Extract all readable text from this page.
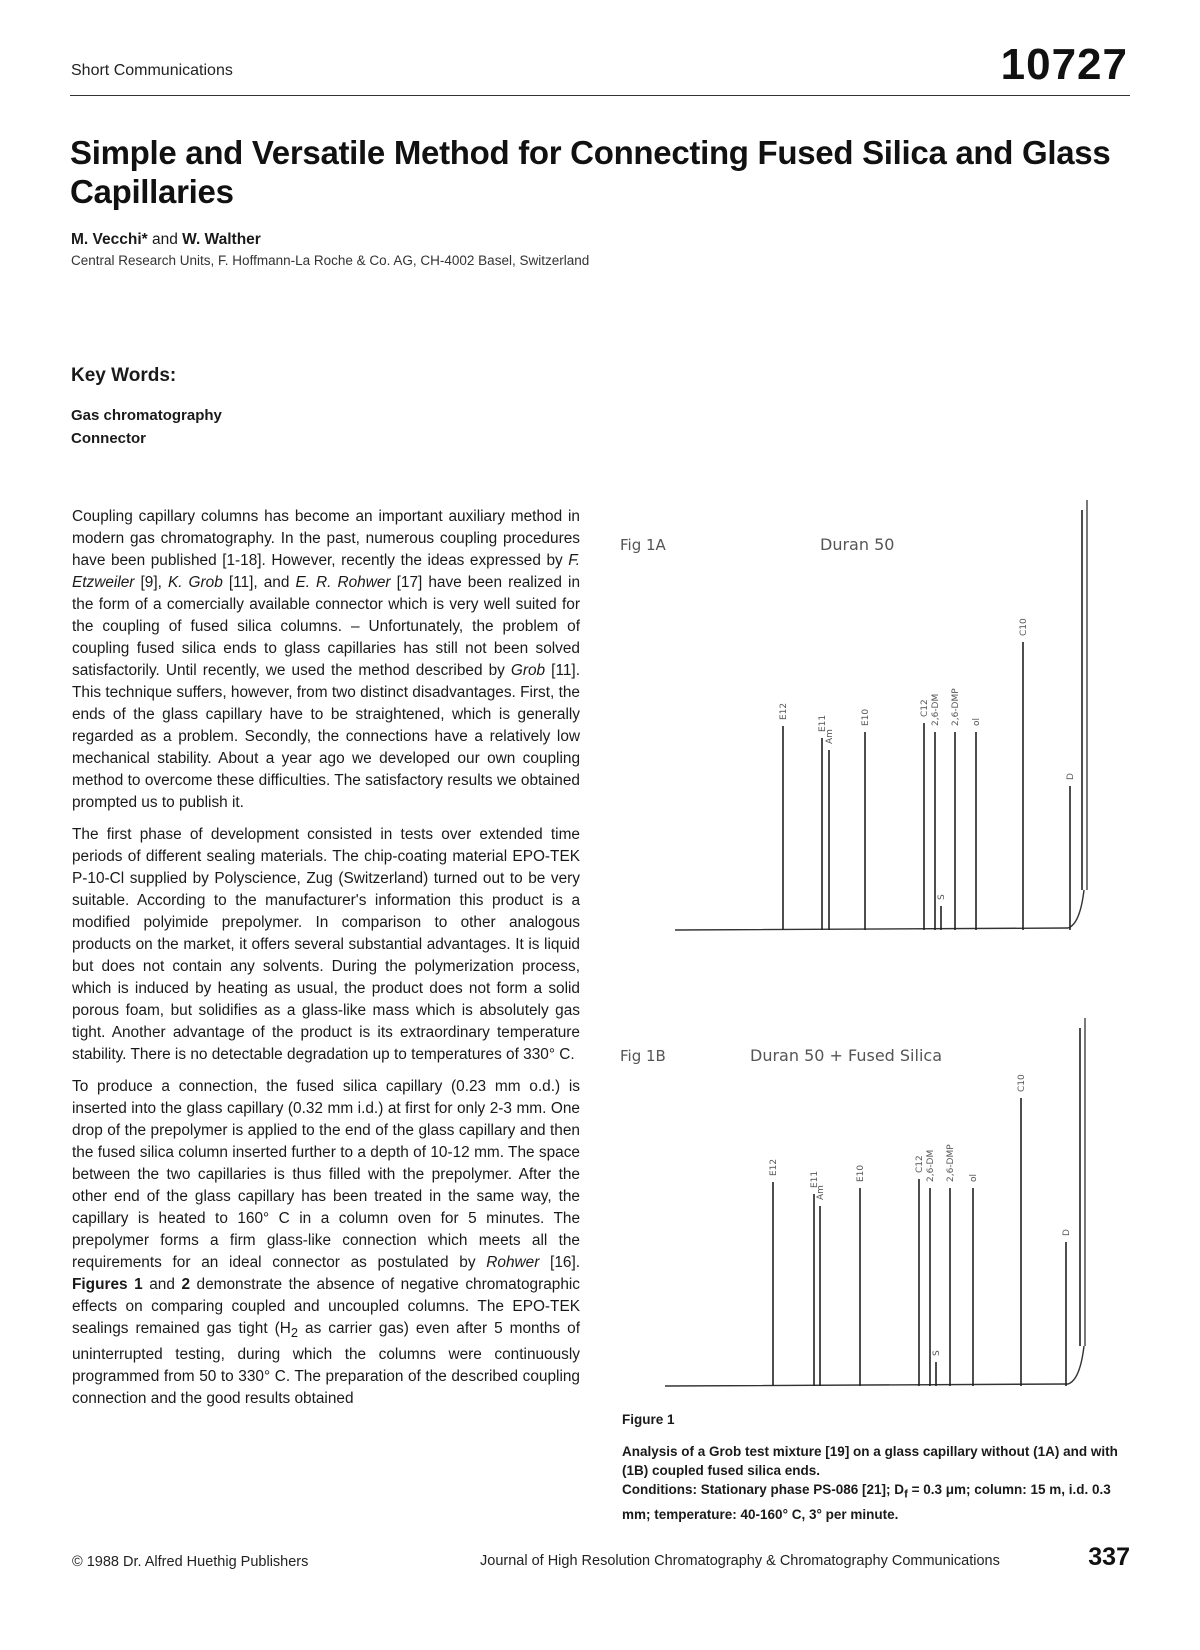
Short Communications	10727
Simple and Versatile Method for Connecting Fused Silica and Glass Capillaries
M. Vecchi* and W. Walther
Central Research Units, F. Hoffmann-La Roche & Co. AG, CH-4002 Basel, Switzerland
Key Words:
Gas chromatography
Connector

Coupling capillary columns has become an important auxiliary method in modern gas chromatography. In the past, numerous coupling procedures have been published [1-18]. However, recently the ideas expressed by F. Etzweiler [9], K. Grob [11], and E. R. Rohwer [17] have been realized in the form of a comercially available connector which is very well suited for the coupling of fused silica columns. – Unfortunately, the problem of coupling fused silica ends to glass capillaries has still not been solved satisfactorily. Until recently, we used the method described by Grob [11]. This technique suffers, however, from two distinct disadvantages. First, the ends of the glass capillary have to be straightened, which is generally regarded as a problem. Secondly, the connections have a relatively low mechanical stability. About a year ago we developed our own coupling method to overcome these difficulties. The satisfactory results we obtained prompted us to publish it.

The first phase of development consisted in tests over extended time periods of different sealing materials. The chip-coating material EPO-TEK P-10-Cl supplied by Polyscience, Zug (Switzerland) turned out to be very suitable. According to the manufacturer's information this product is a modified polyimide prepolymer. In comparison to other analogous products on the market, it offers several substantial advantages. It is liquid but does not contain any solvents. During the polymerization process, which is induced by heating as usual, the product does not form a solid porous foam, but solidifies as a glass-like mass which is absolutely gas tight. Another advantage of the product is its extraordinary temperature stability. There is no detectable degradation up to temperatures of 330° C.

To produce a connection, the fused silica capillary (0.23 mm o.d.) is inserted into the glass capillary (0.32 mm i.d.) at first for only 2-3 mm. One drop of the prepolymer is applied to the end of the glass capillary and then the fused silica column inserted further to a depth of 10-12 mm. The space between the two capillaries is thus filled with the prepolymer. After the other end of the glass capillary has been treated in the same way, the capillary is heated to 160° C in a column oven for 5 minutes. The prepolymer forms a firm glass-like connection which meets all the requirements for an ideal connector as postulated by Rohwer [16]. Figures 1 and 2 demonstrate the absence of negative chromatographic effects on comparing coupled and uncoupled columns. The EPO-TEK sealings remained gas tight ($H_2$ as carrier gas) even after 5 months of uninterrupted testing, during which the columns were continuously programmed from 50 to 330° C. The preparation of the described coupling connection and the good results obtained

Fig 1A	Duran 50
E12
E11
Am
E10
C12 2,6-DM
S
2,6-DMP ol
C10
D
Fig 1B	Duran 50 + Fused Silica
E12
E11
Am
E10
C12 2,6-DM
S
2,6-DMP ol
C10
D
Figure 1
Analysis of a Grob test mixture [19] on a glass capillary without (1A) and with (1B) coupled fused silica ends.
Conditions: Stationary phase PS-086 [21]; $D_f = 0.3$ μm; column: 15 m, i.d. 0.3 mm; temperature: 40-160° C, 3° per minute.
© 1988 Dr. Alfred Huethig Publishers	Journal of High Resolution Chromatography & Chromatography Communications	337
